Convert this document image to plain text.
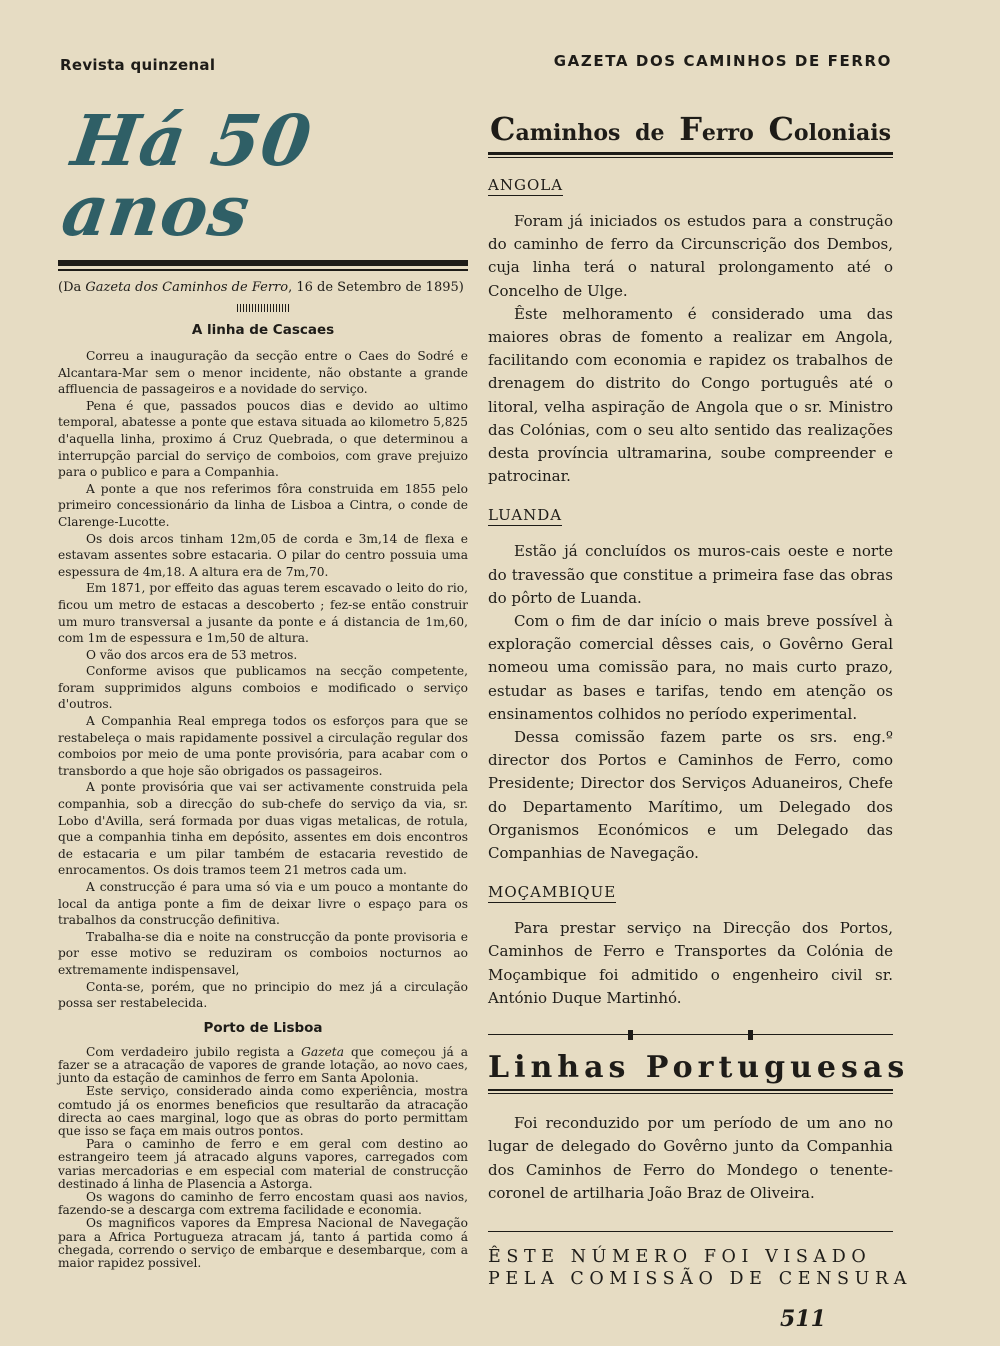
Revista quinzenal	GAZETA DOS CAMINHOS DE FERRO
Há 50 anos
(Da Gazeta dos Caminhos de Ferro, 16 de Setembro de 1895)
A linha de Cascaes

Correu a inauguração da secção entre o Caes do Sodré e Alcantara-Mar sem o menor incidente, não obstante a grande affluencia de passageiros e a novidade do serviço.

Pena é que, passados poucos dias e devido ao ultimo temporal, abatesse a ponte que estava situada ao kilometro 5,825 d'aquella linha, proximo á Cruz Quebrada, o que determinou a interrupção parcial do serviço de comboios, com grave prejuizo para o publico e para a Companhia.

A ponte a que nos referimos fôra construida em 1855 pelo primeiro concessionário da linha de Lisboa a Cintra, o conde de Clarenge-Lucotte.

Os dois arcos tinham 12m,05 de corda e 3m,14 de flexa e estavam assentes sobre estacaria. O pilar do centro possuia uma espessura de 4m,18. A altura era de 7m,70.

Em 1871, por effeito das aguas terem escavado o leito do rio, ficou um metro de estacas a descoberto ; fez-se então construir um muro transversal a jusante da ponte e á distancia de 1m,60, com 1m de espessura e 1m,50 de altura.

O vão dos arcos era de 53 metros.

Conforme avisos que publicamos na secção competente, foram supprimidos alguns comboios e modificado o serviço d'outros.

A Companhia Real emprega todos os esforços para que se restabeleça o mais rapidamente possivel a circulação regular dos comboios por meio de uma ponte provisória, para acabar com o transbordo a que hoje são obrigados os passageiros.

A ponte provisória que vai ser activamente construida pela companhia, sob a direcção do sub-chefe do serviço da via, sr. Lobo d'Avilla, será formada por duas vigas metalicas, de rotula, que a companhia tinha em depósito, assentes em dois encontros de estacaria e um pilar também de estacaria revestido de enrocamentos. Os dois tramos teem 21 metros cada um.

A construcção é para uma só via e um pouco a montante do local da antiga ponte a fim de deixar livre o espaço para os trabalhos da construcção definitiva.

Trabalha-se dia e noite na construcção da ponte provisoria e por esse motivo se reduziram os comboios nocturnos ao extremamente indispensavel,

Conta-se, porém, que no principio do mez já a circulação possa ser restabelecida.

Porto de Lisboa

Com verdadeiro jubilo regista a Gazeta que começou já a fazer se a atracação de vapores de grande lotação, ao novo caes, junto da estação de caminhos de ferro em Santa Apolonia.

Este serviço, considerado ainda como experiência, mostra comtudo já os enormes beneficios que resultarão da atracação directa ao caes marginal, logo que as obras do porto permittam que isso se faça em mais outros pontos.

Para o caminho de ferro e em geral com destino ao estrangeiro teem já atracado alguns vapores, carregados com varias mercadorias e em especial com material de construcção destinado á linha de Plasencia a Astorga.

Os wagons do caminho de ferro encostam quasi aos navios, fazendo-se a descarga com extrema facilidade e economia.

Os magnificos vapores da Empresa Nacional de Navegação para a Africa Portugueza atracam já, tanto á partida como á chegada, correndo o serviço de embarque e desembarque, com a maior rapidez possivel.

Caminhos de Ferro Coloniais
ANGOLA

Foram já iniciados os estudos para a construção do caminho de ferro da Circunscrição dos Dembos, cuja linha terá o natural prolongamento até o Concelho de Ulge.

Êste melhoramento é considerado uma das maiores obras de fomento a realizar em Angola, facilitando com economia e rapidez os trabalhos de drenagem do distrito do Congo português até o litoral, velha aspiração de Angola que o sr. Ministro das Colónias, com o seu alto sentido das realizações desta província ultramarina, soube compreender e patrocinar.

LUANDA

Estão já concluídos os muros-cais oeste e norte do travessão que constitue a primeira fase das obras do pôrto de Luanda.

Com o fim de dar início o mais breve possível à exploração comercial dêsses cais, o Govêrno Geral nomeou uma comissão para, no mais curto prazo, estudar as bases e tarifas, tendo em atenção os ensinamentos colhidos no período experimental.

Dessa comissão fazem parte os srs. eng.º director dos Portos e Caminhos de Ferro, como Presidente; Director dos Serviços Aduaneiros, Chefe do Departamento Marítimo, um Delegado dos Organismos Económicos e um Delegado das Companhias de Navegação.

MOÇAMBIQUE

Para prestar serviço na Direcção dos Portos, Caminhos de Ferro e Transportes da Colónia de Moçambique foi admitido o engenheiro civil sr. António Duque Martinhó.

Linhas Portuguesas

Foi reconduzido por um período de um ano no lugar de delegado do Govêrno junto da Companhia dos Caminhos de Ferro do Mondego o tenente-coronel de artilharia João Braz de Oliveira.

ÊSTE NÚMERO FOI VISADO
PELA COMISSÃO DE CENSURA
511
